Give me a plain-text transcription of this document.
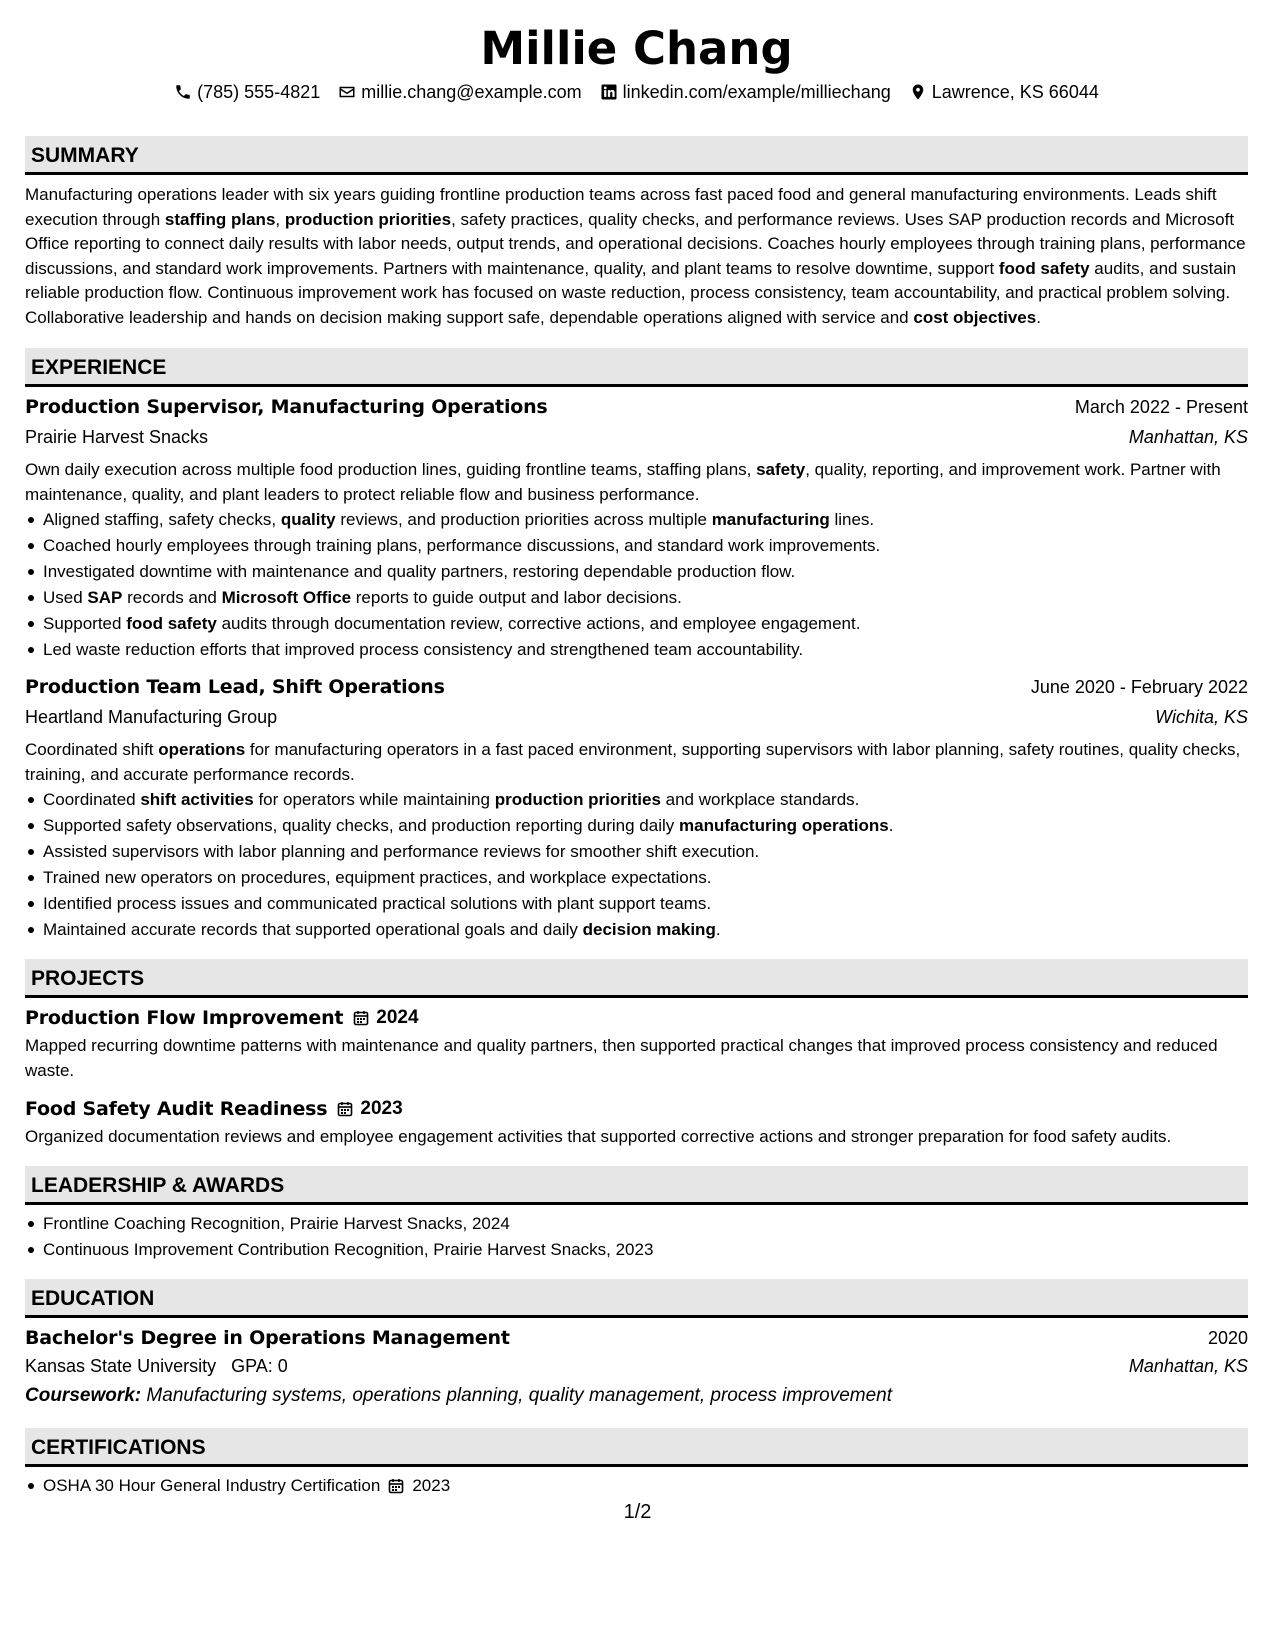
Millie Chang
(785) 555-4821 millie.chang@example.com linkedin.com/example/milliechang Lawrence, KS 66044
SUMMARY
Manufacturing operations leader with six years guiding frontline production teams across fast paced food and general manufacturing environments. Leads shift execution through staffing plans, production priorities, safety practices, quality checks, and performance reviews. Uses SAP production records and Microsoft Office reporting to connect daily results with labor needs, output trends, and operational decisions. Coaches hourly employees through training plans, performance discussions, and standard work improvements. Partners with maintenance, quality, and plant teams to resolve downtime, support food safety audits, and sustain reliable production flow. Continuous improvement work has focused on waste reduction, process consistency, team accountability, and practical problem solving. Collaborative leadership and hands on decision making support safe, dependable operations aligned with service and cost objectives.
EXPERIENCE
Production Supervisor, Manufacturing Operations	March 2022 - Present
Prairie Harvest Snacks	Manhattan, KS
Own daily execution across multiple food production lines, guiding frontline teams, staffing plans, safety, quality, reporting, and improvement work. Partner with maintenance, quality, and plant leaders to protect reliable flow and business performance.
Aligned staffing, safety checks, quality reviews, and production priorities across multiple manufacturing lines.
Coached hourly employees through training plans, performance discussions, and standard work improvements.
Investigated downtime with maintenance and quality partners, restoring dependable production flow.
Used SAP records and Microsoft Office reports to guide output and labor decisions.
Supported food safety audits through documentation review, corrective actions, and employee engagement.
Led waste reduction efforts that improved process consistency and strengthened team accountability.
Production Team Lead, Shift Operations	June 2020 - February 2022
Heartland Manufacturing Group	Wichita, KS
Coordinated shift operations for manufacturing operators in a fast paced environment, supporting supervisors with labor planning, safety routines, quality checks, training, and accurate performance records.
Coordinated shift activities for operators while maintaining production priorities and workplace standards.
Supported safety observations, quality checks, and production reporting during daily manufacturing operations.
Assisted supervisors with labor planning and performance reviews for smoother shift execution.
Trained new operators on procedures, equipment practices, and workplace expectations.
Identified process issues and communicated practical solutions with plant support teams.
Maintained accurate records that supported operational goals and daily decision making.
PROJECTS
Production Flow Improvement 2024
Mapped recurring downtime patterns with maintenance and quality partners, then supported practical changes that improved process consistency and reduced waste.
Food Safety Audit Readiness 2023
Organized documentation reviews and employee engagement activities that supported corrective actions and stronger preparation for food safety audits.
LEADERSHIP & AWARDS
Frontline Coaching Recognition, Prairie Harvest Snacks, 2024
Continuous Improvement Contribution Recognition, Prairie Harvest Snacks, 2023
EDUCATION
Bachelor's Degree in Operations Management	2020
Kansas State University GPA: 0	Manhattan, KS
Coursework: Manufacturing systems, operations planning, quality management, process improvement
CERTIFICATIONS
OSHA 30 Hour General Industry Certification 2023
1/2
